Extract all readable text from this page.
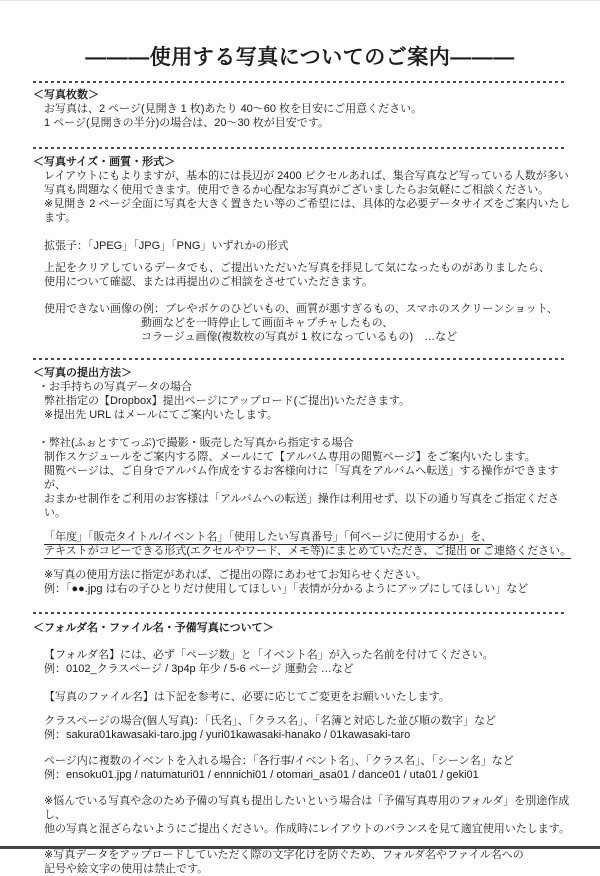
―――使用する写真についてのご案内―――
＜写真枚数＞
お写真は、2 ページ(見開き 1 枚)あたり 40～60 枚を目安にご用意ください。
1 ページ(見開きの半分)の場合は、20～30 枚が目安です。
＜写真サイズ・画質・形式＞
レイアウトにもよりますが、基本的には長辺が 2400 ピクセルあれば、集合写真など写っている人数が多い
写真も問題なく使用できます。使用できるか心配なお写真がございましたらお気軽にご相談ください。
※見開き 2 ページ全面に写真を大きく置きたい等のご希望には、具体的な必要データサイズをご案内いたします。
拡張子：「JPEG」「JPG」「PNG」いずれかの形式
上記をクリアしているデータでも、ご提出いただいた写真を拝見して気になったものがありましたら、
使用について確認、または再提出のご相談をさせていただきます。
使用できない画像の例：ブレやボケのひどいもの、画質が悪すぎるもの、スマホのスクリーンショット、
動画などを一時停止して画面キャプチャしたもの、
コラージュ画像(複数枚の写真が 1 枚になっているもの)　…など
＜写真の提出方法＞
・お手持ちの写真データの場合
弊社指定の【Dropbox】提出ページにアップロード(ご提出)いただきます。
※提出先 URL はメールにてご案内いたします。
・弊社(ふぉとすてっぷ)で撮影・販売した写真から指定する場合
制作スケジュールをご案内する際、メールにて【アルバム専用の閲覧ページ】をご案内いたします。
閲覧ページは、ご自身でアルバム作成をするお客様向けに「写真をアルバムへ転送」する操作ができますが、
おまかせ制作をご利用のお客様は「アルバムへの転送」操作は利用せず、以下の通り写真をご指定ください。
「年度」「販売タイトル/イベント名」「使用したい写真番号」「何ページに使用するか」を、
テキストがコピーできる形式(エクセルやワード、メモ等)にまとめていただき、ご提出 or ご連絡ください。
※写真の使用方法に指定があれば、ご提出の際にあわせてお知らせください。
例：「●●.jpg は右の子ひとりだけ使用してほしい」「表情が分かるようにアップにしてほしい」など
＜フォルダ名・ファイル名・予備写真について＞
【フォルダ名】には、必ず「ページ数」と「イベント名」が入った名前を付けてください。
例：0102_クラスページ / 3p4p 年少 / 5-6 ページ 運動会 …など
【写真のファイル名】は下記を参考に、必要に応じてご変更をお願いいたします。
クラスページの場合(個人写真)：「氏名」、「クラス名」、「名簿と対応した並び順の数字」など
例：sakura01kawasaki-taro.jpg / yuri01kawasaki-hanako / 01kawasaki-taro
ページ内に複数のイベントを入れる場合：「各行事/イベント名」、「クラス名」、「シーン名」など
例：ensoku01.jpg / natumaturi01 / ennnichi01 / otomari_asa01 / dance01 / uta01 / geki01
※悩んでいる写真や念のため予備の写真も提出したいという場合は「予備写真専用のフォルダ」を別途作成し、
他の写真と混ざらないようにご提出ください。作成時にレイアウトのバランスを見て適宜使用いたします。
※写真データをアップロードしていただく際の文字化けを防ぐため、フォルダ名やファイル名への
記号や絵文字の使用は禁止です。
